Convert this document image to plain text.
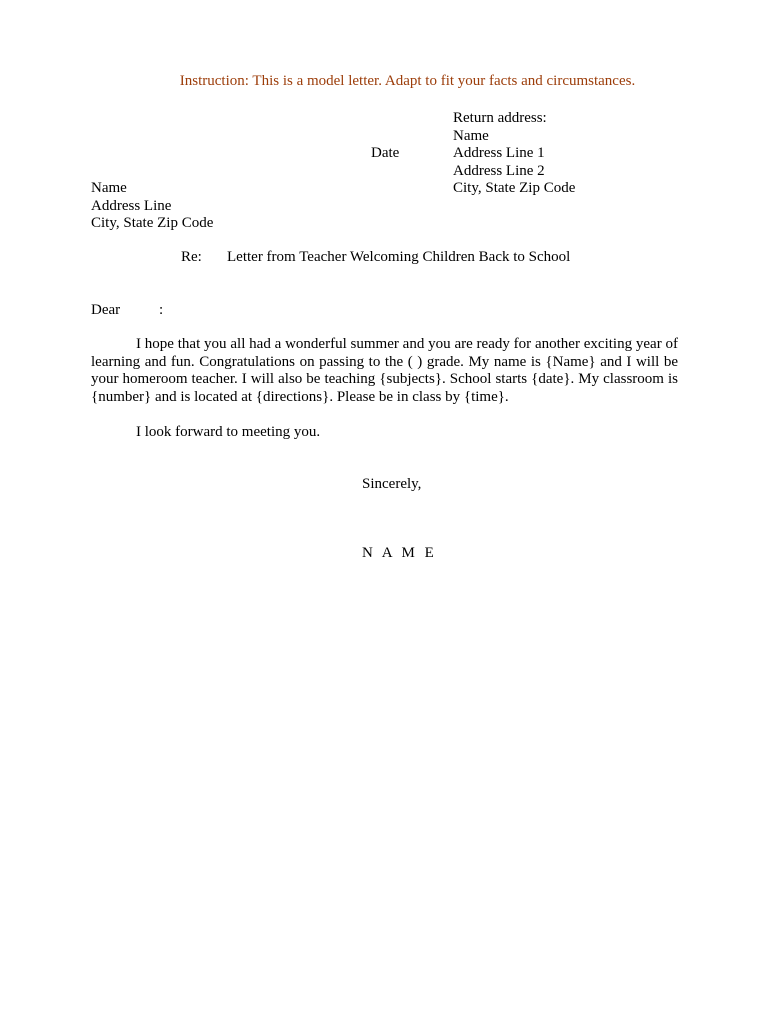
Instruction: This is a model letter. Adapt to fit your facts and circumstances.
Return address:
Name
Address Line 1
Address Line 2
City, State Zip Code
Date
Name
Address Line
City, State Zip Code
Re: Letter from Teacher Welcoming Children Back to School
Dear	:
I hope that you all had a wonderful summer and you are ready for another exciting year of learning and fun. Congratulations on passing to the ( ) grade. My name is {Name} and I will be your homeroom teacher. I will also be teaching {subjects}. School starts {date}. My classroom is {number} and is located at {directions}. Please be in class by {time}.
I look forward to meeting you.
Sincerely,
N A M E
